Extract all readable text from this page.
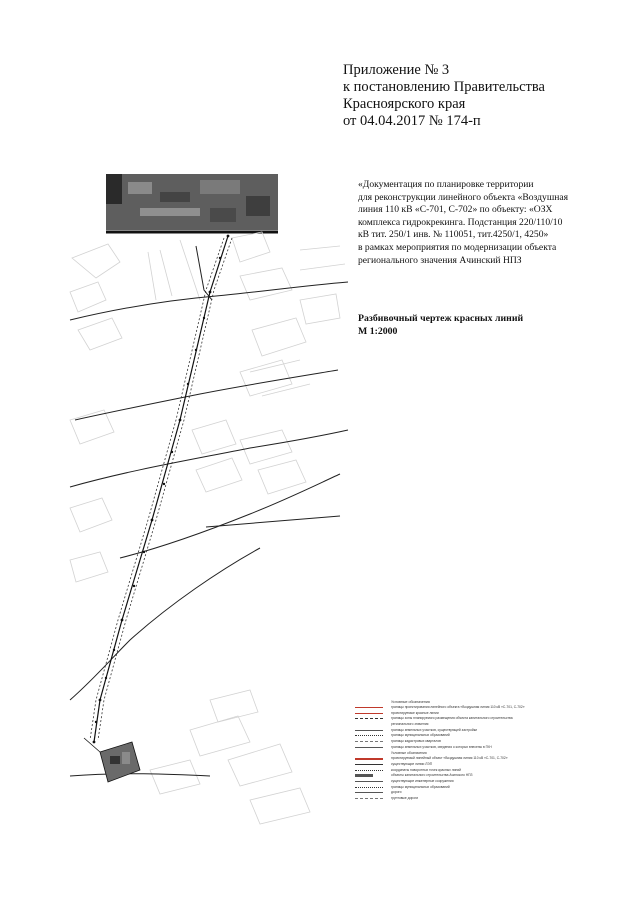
Приложение № 3
к постановлению Правительства
Красноярского края
от 04.04.2017 № 174-п
«Документация по планировке территории
для реконструкции линейного объекта «Воздушная
линия 110 кВ «С-701, С-702» по объекту: «ОЗХ
комплекса гидрокрекинга. Подстанция 220/110/10
кВ тит. 250/1 инв. № 110051, тит.4250/1, 4250»
в рамках мероприятия по модернизации объекта
регионального значения Ачинский НПЗ
Разбивочный чертеж красных линий
М 1:2000
Условные обозначения
границы проектирования линейного объекта «Воздушная линия 110 кВ «С-701, С-702»
проектируемые красные линии
границы зоны планируемого размещения объекта капитального строительства
регионального значения
границы земельных участков, существующей застройки
границы муниципальных образований
границы кадастровых кварталов
границы земельных участков, сведения о которых внесены в ГКН
Условные обозначения
проектируемый линейный объект «Воздушная линия 110 кВ «С-701, С-702»
существующие линии ЛЭП
координаты поворотных точек красных линий
объекты капитального строительства Ачинского НПЗ
существующие инженерные сооружения
границы муниципальных образований
дороги
грунтовые дороги
